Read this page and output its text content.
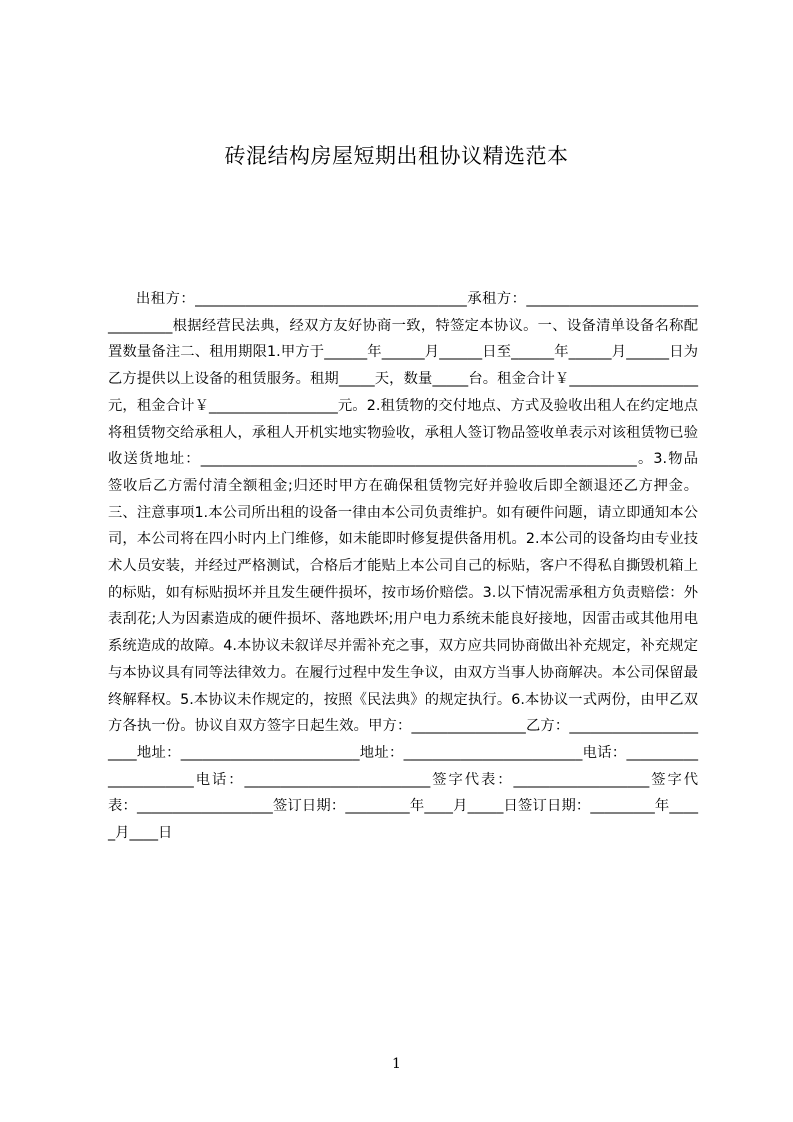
砖混结构房屋短期出租协议精选范本

出租方：______________________________________承租方：_________________________________根据经营民法典，经双方友好协商一致，特签定本协议。一、设备清单设备名称配置数量备注二、租用期限1.甲方于______年______月______日至______年______月______日为乙方提供以上设备的租赁服务。租期_____天，数量_____台。租金合计￥__________________元，租金合计￥__________________元。2.租赁物的交付地点、方式及验收出租人在约定地点将租赁物交给承租人，承租人开机实地实物验收，承租人签订物品签收单表示对该租赁物已验收送货地址：_____________________________________________________________。3.物品签收后乙方需付清全额租金;归还时甲方在确保租赁物完好并验收后即全额退还乙方押金。三、注意事项1.本公司所出租的设备一律由本公司负责维护。如有硬件问题，请立即通知本公司，本公司将在四小时内上门维修，如未能即时修复提供备用机。2.本公司的设备均由专业技术人员安装，并经过严格测试，合格后才能贴上本公司自己的标贴，客户不得私自撕毁机箱上的标贴，如有标贴损坏并且发生硬件损坏，按市场价赔偿。3.以下情况需承租方负责赔偿：外表刮花;人为因素造成的硬件损坏、落地跌坏;用户电力系统未能良好接地，因雷击或其他用电系统造成的故障。4.本协议未叙详尽并需补充之事，双方应共同协商做出补充规定，补充规定与本协议具有同等法律效力。在履行过程中发生争议，由双方当事人协商解决。本公司保留最终解释权。5.本协议未作规定的，按照《民法典》的规定执行。6.本协议一式两份，由甲乙双方各执一份。协议自双方签字日起生效。甲方：________________乙方：______________________地址：_________________________地址：_________________________电话：______________________电话：__________________________签字代表：___________________签字代表：___________________签订日期：_________年____月_____日签订日期：_________年_____月____日

1
